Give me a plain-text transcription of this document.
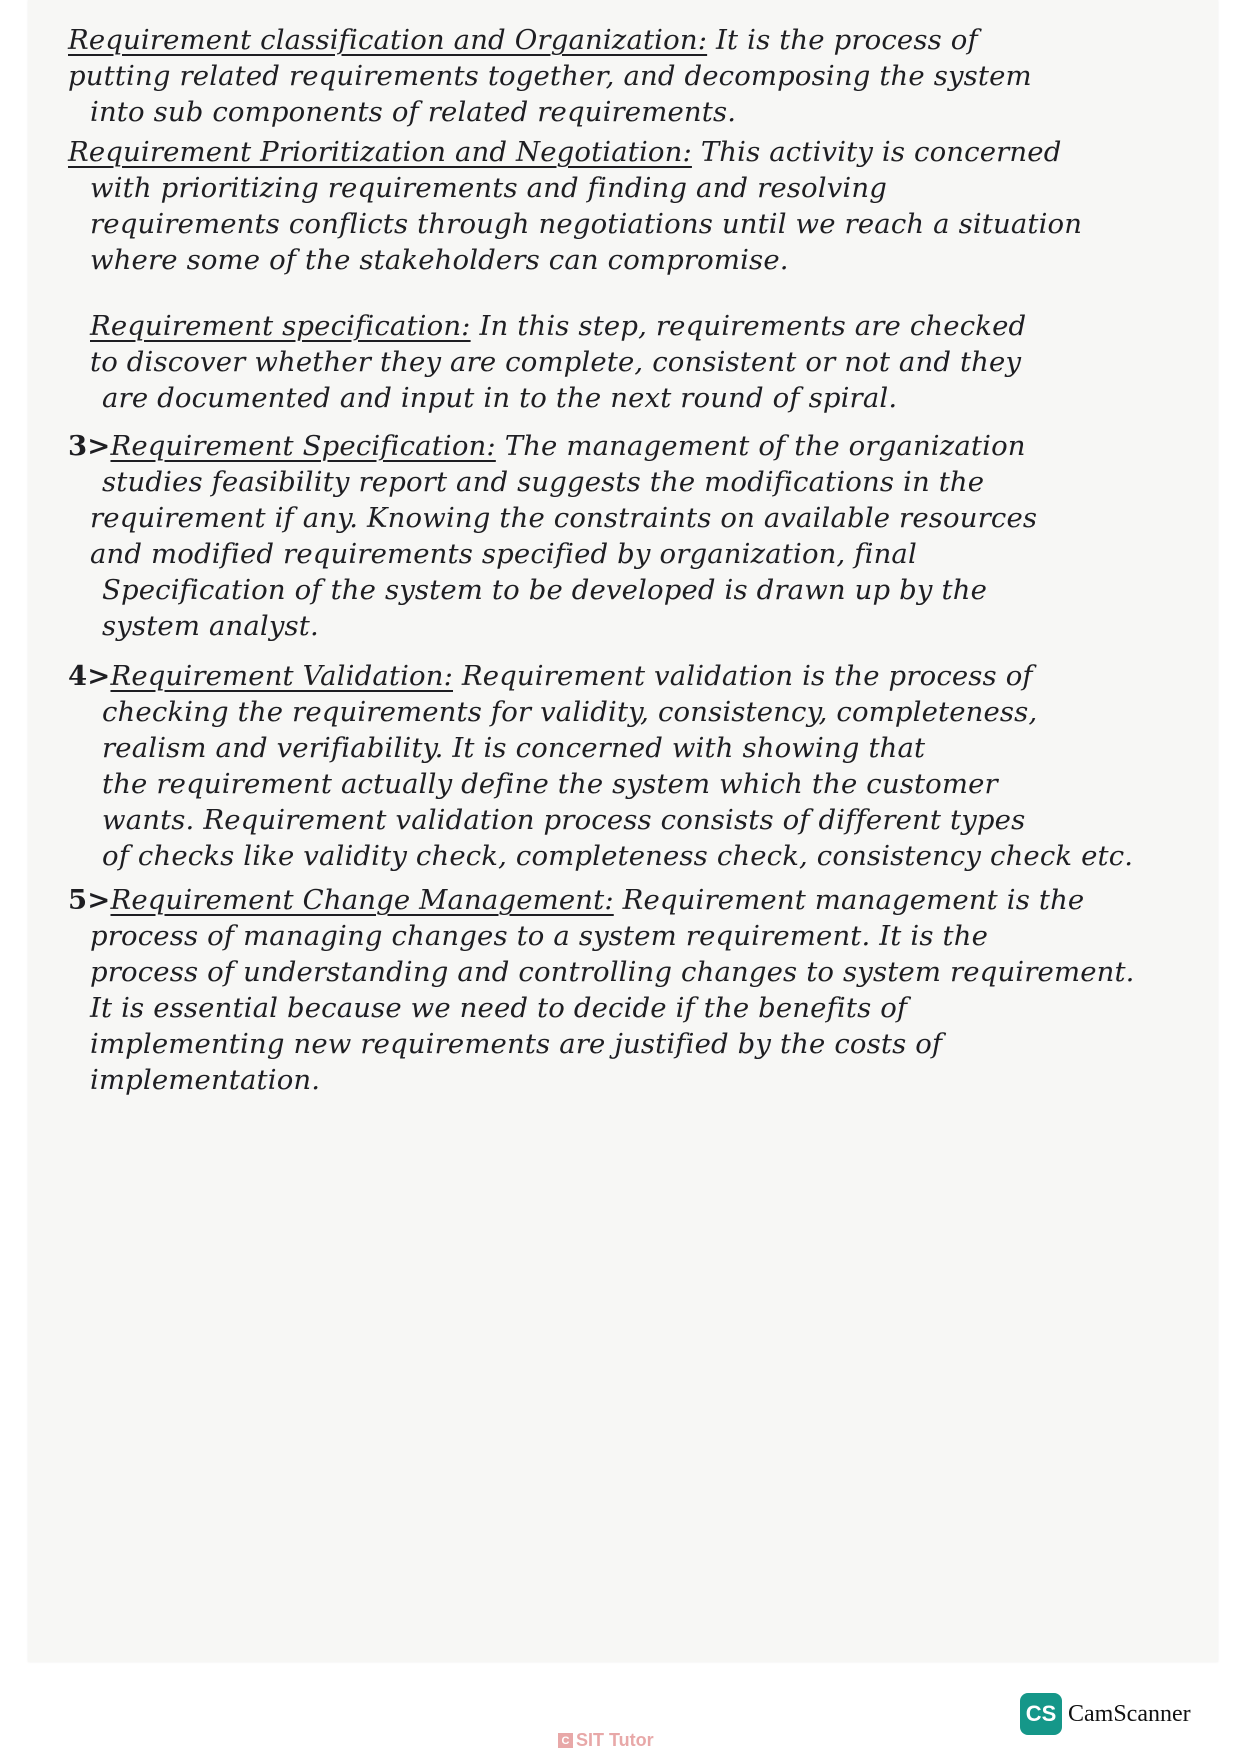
Requirement classification and Organization: It is the process of
putting related requirements together, and decomposing the system
into sub components of related requirements.
Requirement Prioritization and Negotiation: This activity is concerned
with prioritizing requirements and finding and resolving
requirements conflicts through negotiations until we reach a situation
where some of the stakeholders can compromise.
Requirement specification: In this step, requirements are checked
to discover whether they are complete, consistent or not and they
are documented and input in to the next round of spiral.
3>Requirement Specification: The management of the organization
studies feasibility report and suggests the modifications in the
requirement if any. Knowing the constraints on available resources
and modified requirements specified by organization, final
Specification of the system to be developed is drawn up by the
system analyst.
4>Requirement Validation: Requirement validation is the process of
checking the requirements for validity, consistency, completeness,
realism and verifiability. It is concerned with showing that
the requirement actually define the system which the customer
wants. Requirement validation process consists of different types
of checks like validity check, completeness check, consistency check etc.
5>Requirement Change Management: Requirement management is the
process of managing changes to a system requirement. It is the
process of understanding and controlling changes to system requirement.
It is essential because we need to decide if the benefits of
implementing new requirements are justified by the costs of
implementation.
CS CamScanner
C SIT Tutor
